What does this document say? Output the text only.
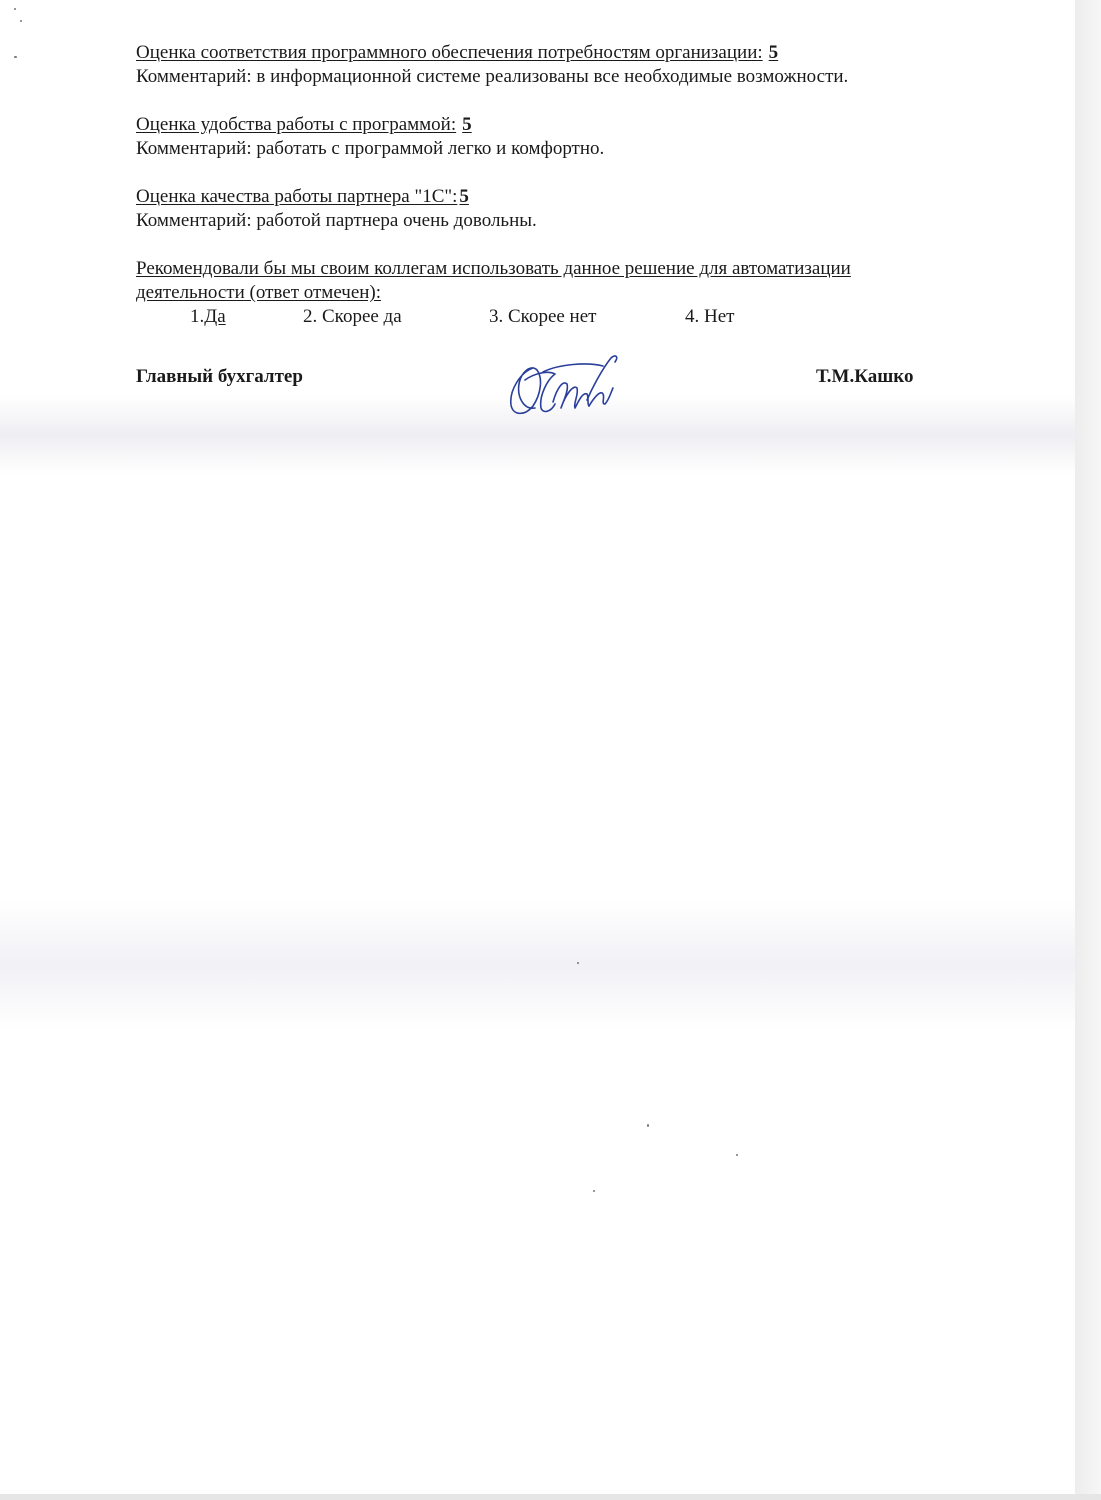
Оценка соответствия программного обеспечения потребностям организации: 5
Комментарий: в информационной системе реализованы все необходимые возможности.
Оценка удобства работы с программой: 5
Комментарий: работать с программой легко и комфортно.
Оценка качества работы партнера "1С": 5
Комментарий: работой партнера очень довольны.
Рекомендовали бы мы своим коллегам использовать данное решение для автоматизации
деятельности (ответ отмечен):
1.Да	2. Скорее да	3. Скорее нет	4. Нет
Главный бухгалтер	Т.М.Кашко
